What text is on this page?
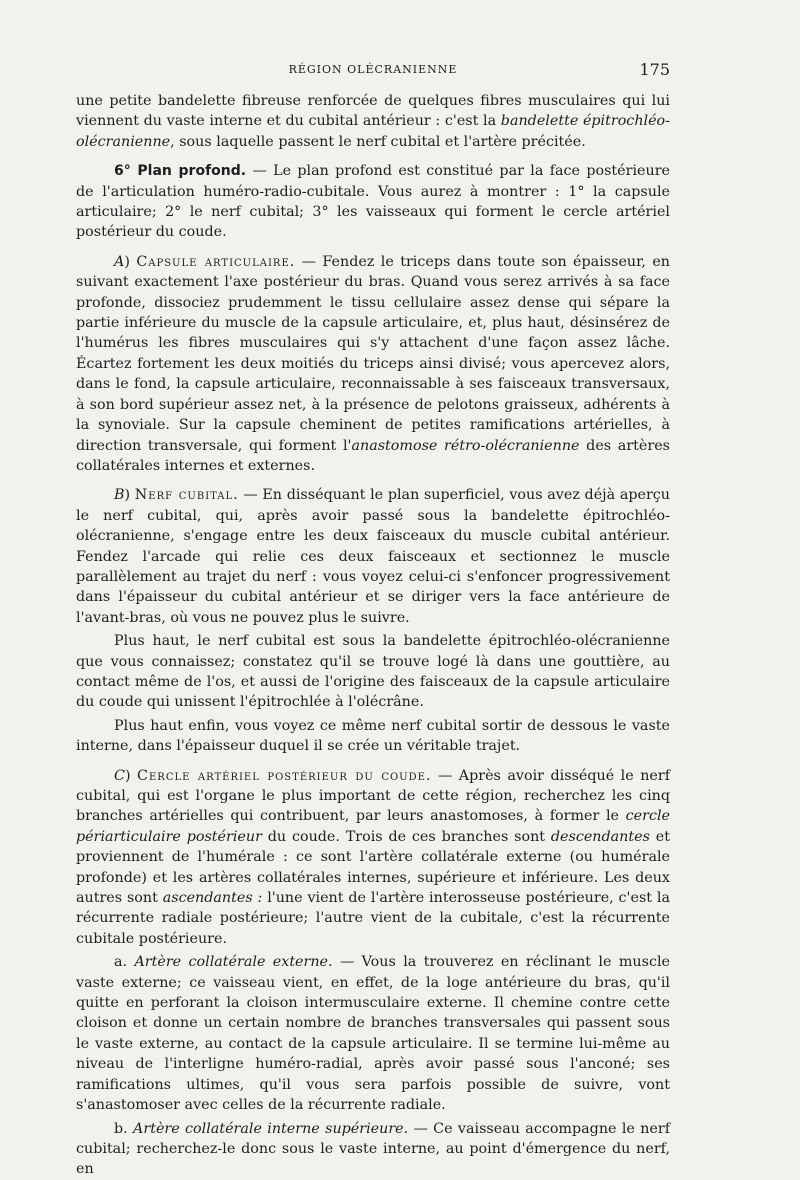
RÉGION OLÉCRANIENNE	175

une petite bandelette fibreuse renforcée de quelques fibres musculaires qui lui viennent du vaste interne et du cubital antérieur : c'est la bandelette épitrochléo-olécranienne, sous laquelle passent le nerf cubital et l'artère précitée.

6° Plan profond. — Le plan profond est constitué par la face postérieure de l'articulation huméro-radio-cubitale. Vous aurez à montrer : 1° la capsule articulaire; 2° le nerf cubital; 3° les vaisseaux qui forment le cercle artériel postérieur du coude.

A) Capsule articulaire. — Fendez le triceps dans toute son épaisseur, en suivant exactement l'axe postérieur du bras. Quand vous serez arrivés à sa face profonde, dissociez prudemment le tissu cellulaire assez dense qui sépare la partie inférieure du muscle de la capsule articulaire, et, plus haut, désinsérez de l'humérus les fibres musculaires qui s'y attachent d'une façon assez lâche. Écartez fortement les deux moitiés du triceps ainsi divisé; vous apercevez alors, dans le fond, la capsule articulaire, reconnaissable à ses faisceaux transversaux, à son bord supérieur assez net, à la présence de pelotons graisseux, adhérents à la synoviale. Sur la capsule cheminent de petites ramifications artérielles, à direction transversale, qui forment l'anastomose rétro-olécranienne des artères collatérales internes et externes.

B) Nerf cubital. — En disséquant le plan superficiel, vous avez déjà aperçu le nerf cubital, qui, après avoir passé sous la bandelette épitrochléo-olécranienne, s'engage entre les deux faisceaux du muscle cubital antérieur. Fendez l'arcade qui relie ces deux faisceaux et sectionnez le muscle parallèlement au trajet du nerf : vous voyez celui-ci s'enfoncer progressivement dans l'épaisseur du cubital antérieur et se diriger vers la face antérieure de l'avant-bras, où vous ne pouvez plus le suivre.

Plus haut, le nerf cubital est sous la bandelette épitrochléo-olécranienne que vous connaissez; constatez qu'il se trouve logé là dans une gouttière, au contact même de l'os, et aussi de l'origine des faisceaux de la capsule articulaire du coude qui unissent l'épitrochlée à l'olécrâne.

Plus haut enfin, vous voyez ce même nerf cubital sortir de dessous le vaste interne, dans l'épaisseur duquel il se crée un véritable trajet.

C) Cercle artériel postérieur du coude. — Après avoir disséqué le nerf cubital, qui est l'organe le plus important de cette région, recherchez les cinq branches artérielles qui contribuent, par leurs anastomoses, à former le cercle périarticulaire postérieur du coude. Trois de ces branches sont descendantes et proviennent de l'humérale : ce sont l'artère collatérale externe (ou humérale profonde) et les artères collatérales internes, supérieure et inférieure. Les deux autres sont ascendantes : l'une vient de l'artère interosseuse postérieure, c'est la récurrente radiale postérieure; l'autre vient de la cubitale, c'est la récurrente cubitale postérieure.

a. Artère collatérale externe. — Vous la trouverez en réclinant le muscle vaste externe; ce vaisseau vient, en effet, de la loge antérieure du bras, qu'il quitte en perforant la cloison intermusculaire externe. Il chemine contre cette cloison et donne un certain nombre de branches transversales qui passent sous le vaste externe, au contact de la capsule articulaire. Il se termine lui-même au niveau de l'interligne huméro-radial, après avoir passé sous l'anconé; ses ramifications ultimes, qu'il vous sera parfois possible de suivre, vont s'anastomoser avec celles de la récurrente radiale.

b. Artère collatérale interne supérieure. — Ce vaisseau accompagne le nerf cubital; recherchez-le donc sous le vaste interne, au point d'émergence du nerf, en
